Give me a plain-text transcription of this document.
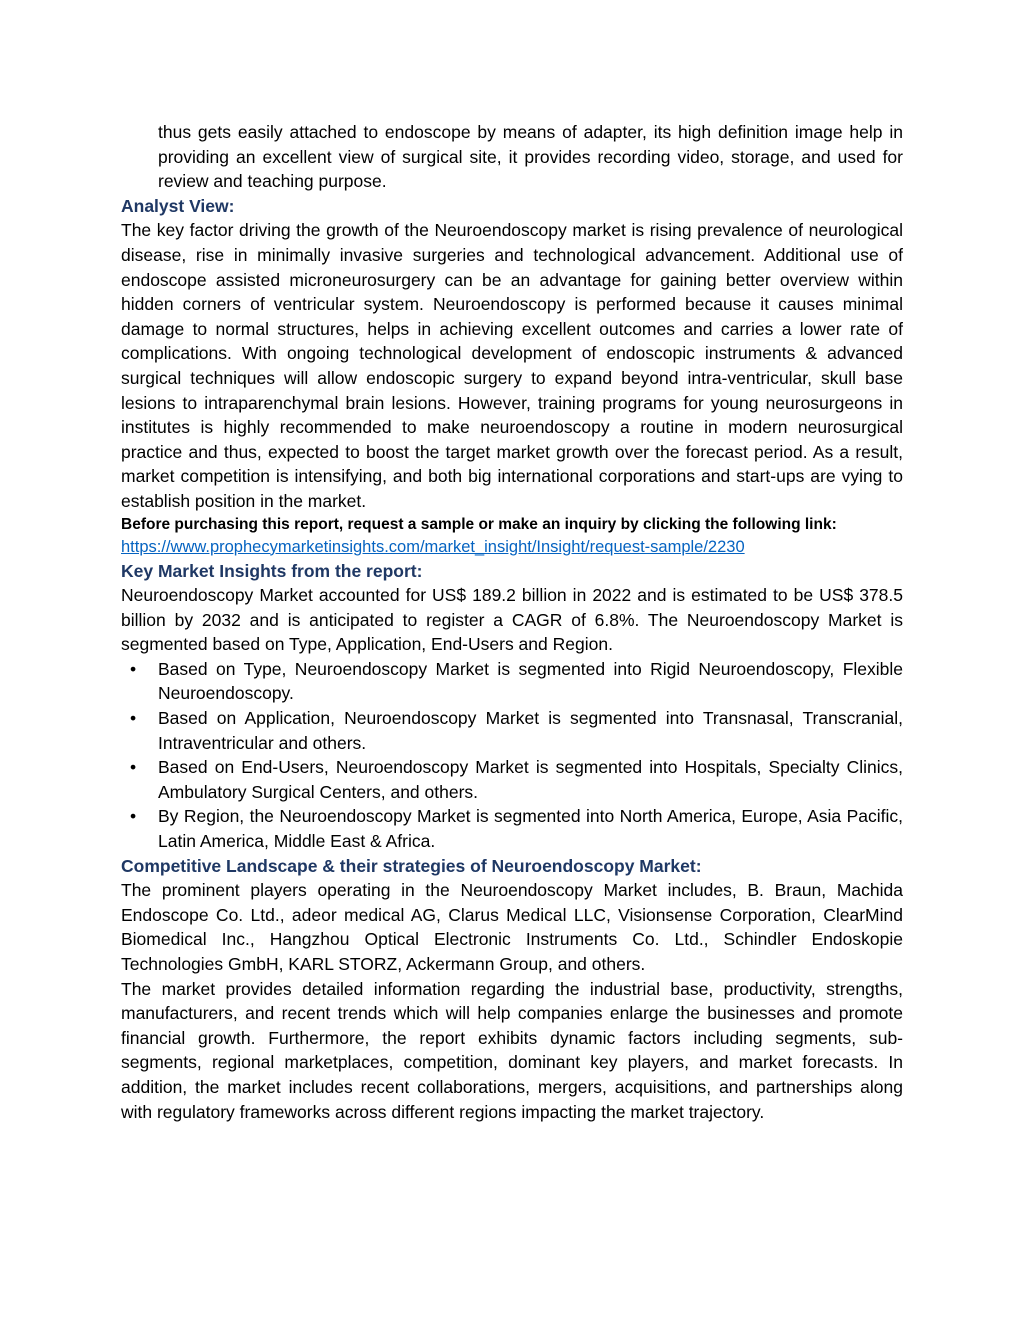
thus gets easily attached to endoscope by means of adapter, its high definition image help in providing an excellent view of surgical site, it provides recording video, storage, and used for review and teaching purpose.

Analyst View:

The key factor driving the growth of the Neuroendoscopy market is rising prevalence of neurological disease, rise in minimally invasive surgeries and technological advancement. Additional use of endoscope assisted microneurosurgery can be an advantage for gaining better overview within hidden corners of ventricular system. Neuroendoscopy is performed because it causes minimal damage to normal structures, helps in achieving excellent outcomes and carries a lower rate of complications. With ongoing technological development of endoscopic instruments & advanced surgical techniques will allow endoscopic surgery to expand beyond intra-ventricular, skull base lesions to intraparenchymal brain lesions. However, training programs for young neurosurgeons in institutes is highly recommended to make neuroendoscopy a routine in modern neurosurgical practice and thus, expected to boost the target market growth over the forecast period. As a result, market competition is intensifying, and both big international corporations and start-ups are vying to establish position in the market.

Before purchasing this report, request a sample or make an inquiry by clicking the following link:

https://www.prophecymarketinsights.com/market_insight/Insight/request-sample/2230

Key Market Insights from the report:

Neuroendoscopy Market accounted for US$ 189.2 billion in 2022 and is estimated to be US$ 378.5 billion by 2032 and is anticipated to register a CAGR of 6.8%. The Neuroendoscopy Market is segmented based on Type, Application, End-Users and Region.

• Based on Type, Neuroendoscopy Market is segmented into Rigid Neuroendoscopy, Flexible Neuroendoscopy.
• Based on Application, Neuroendoscopy Market is segmented into Transnasal, Transcranial, Intraventricular and others.
• Based on End-Users, Neuroendoscopy Market is segmented into Hospitals, Specialty Clinics, Ambulatory Surgical Centers, and others.
• By Region, the Neuroendoscopy Market is segmented into North America, Europe, Asia Pacific, Latin America, Middle East & Africa.

Competitive Landscape & their strategies of Neuroendoscopy Market:

The prominent players operating in the Neuroendoscopy Market includes, B. Braun, Machida Endoscope Co. Ltd., adeor medical AG, Clarus Medical LLC, Visionsense Corporation, ClearMind Biomedical Inc., Hangzhou Optical Electronic Instruments Co. Ltd., Schindler Endoskopie Technologies GmbH, KARL STORZ, Ackermann Group, and others.

The market provides detailed information regarding the industrial base, productivity, strengths, manufacturers, and recent trends which will help companies enlarge the businesses and promote financial growth. Furthermore, the report exhibits dynamic factors including segments, sub-segments, regional marketplaces, competition, dominant key players, and market forecasts. In addition, the market includes recent collaborations, mergers, acquisitions, and partnerships along with regulatory frameworks across different regions impacting the market trajectory.
